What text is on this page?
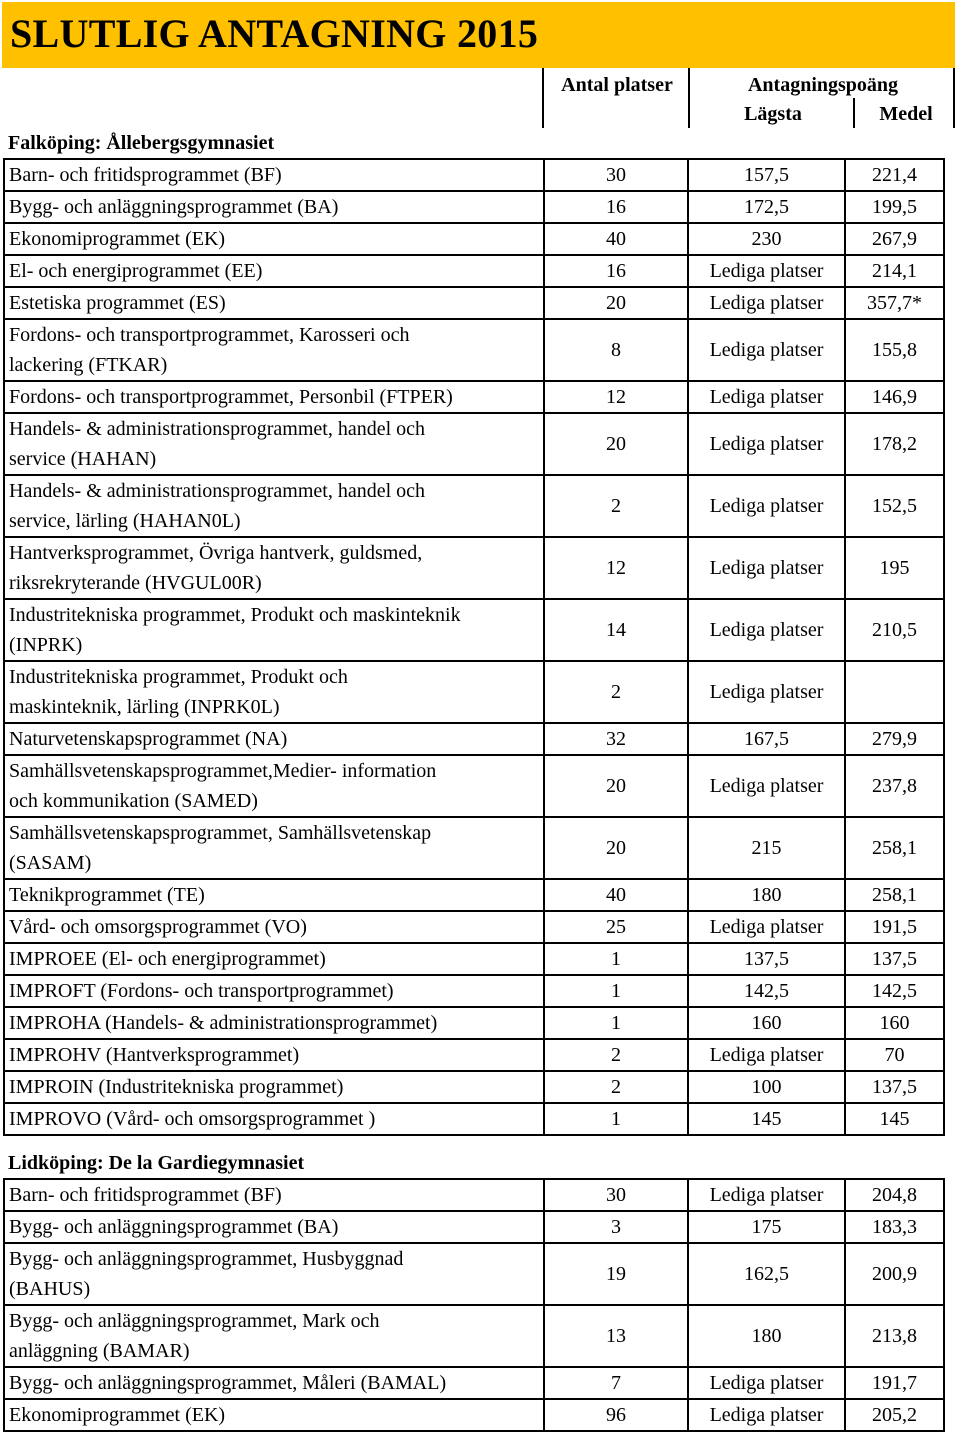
SLUTLIG ANTAGNING 2015
Antal platser	Antagningspoäng
Lägsta	Medel
Falköping: Ållebergsgymnasiet			
Barn- och fritidsprogrammet (BF)	30	157,5	221,4
Bygg- och anläggningsprogrammet (BA)	16	172,5	199,5
Ekonomiprogrammet (EK)	40	230	267,9
El- och energiprogrammet (EE)	16	Lediga platser	214,1
Estetiska programmet (ES)	20	Lediga platser	357,7*
Fordons- och transportprogrammet, Karosseri och
lackering (FTKAR)	8	Lediga platser	155,8
Fordons- och transportprogrammet, Personbil (FTPER)	12	Lediga platser	146,9
Handels- & administrationsprogrammet, handel och
service (HAHAN)	20	Lediga platser	178,2
Handels- & administrationsprogrammet, handel och
service, lärling (HAHAN0L)	2	Lediga platser	152,5
Hantverksprogrammet, Övriga hantverk, guldsmed,
riksrekryterande (HVGUL00R)	12	Lediga platser	195
Industritekniska programmet, Produkt och maskinteknik
(INPRK)	14	Lediga platser	210,5
Industritekniska programmet, Produkt och
maskinteknik, lärling (INPRK0L)	2	Lediga platser	
Naturvetenskapsprogrammet (NA)	32	167,5	279,9
Samhällsvetenskapsprogrammet,Medier- information
och kommunikation (SAMED)	20	Lediga platser	237,8
Samhällsvetenskapsprogrammet, Samhällsvetenskap
(SASAM)	20	215	258,1
Teknikprogrammet (TE)	40	180	258,1
Vård- och omsorgsprogrammet (VO)	25	Lediga platser	191,5
IMPROEE (El- och energiprogrammet)	1	137,5	137,5
IMPROFT (Fordons- och transportprogrammet)	1	142,5	142,5
IMPROHA (Handels- & administrationsprogrammet)	1	160	160
IMPROHV (Hantverksprogrammet)	2	Lediga platser	70
IMPROIN (Industritekniska programmet)	2	100	137,5
IMPROVO (Vård- och omsorgsprogrammet )	1	145	145
Lidköping: De la Gardiegymnasiet			
Barn- och fritidsprogrammet (BF)	30	Lediga platser	204,8
Bygg- och anläggningsprogrammet (BA)	3	175	183,3
Bygg- och anläggningsprogrammet, Husbyggnad
(BAHUS)	19	162,5	200,9
Bygg- och anläggningsprogrammet, Mark och
anläggning (BAMAR)	13	180	213,8
Bygg- och anläggningsprogrammet, Måleri (BAMAL)	7	Lediga platser	191,7
Ekonomiprogrammet (EK)	96	Lediga platser	205,2
